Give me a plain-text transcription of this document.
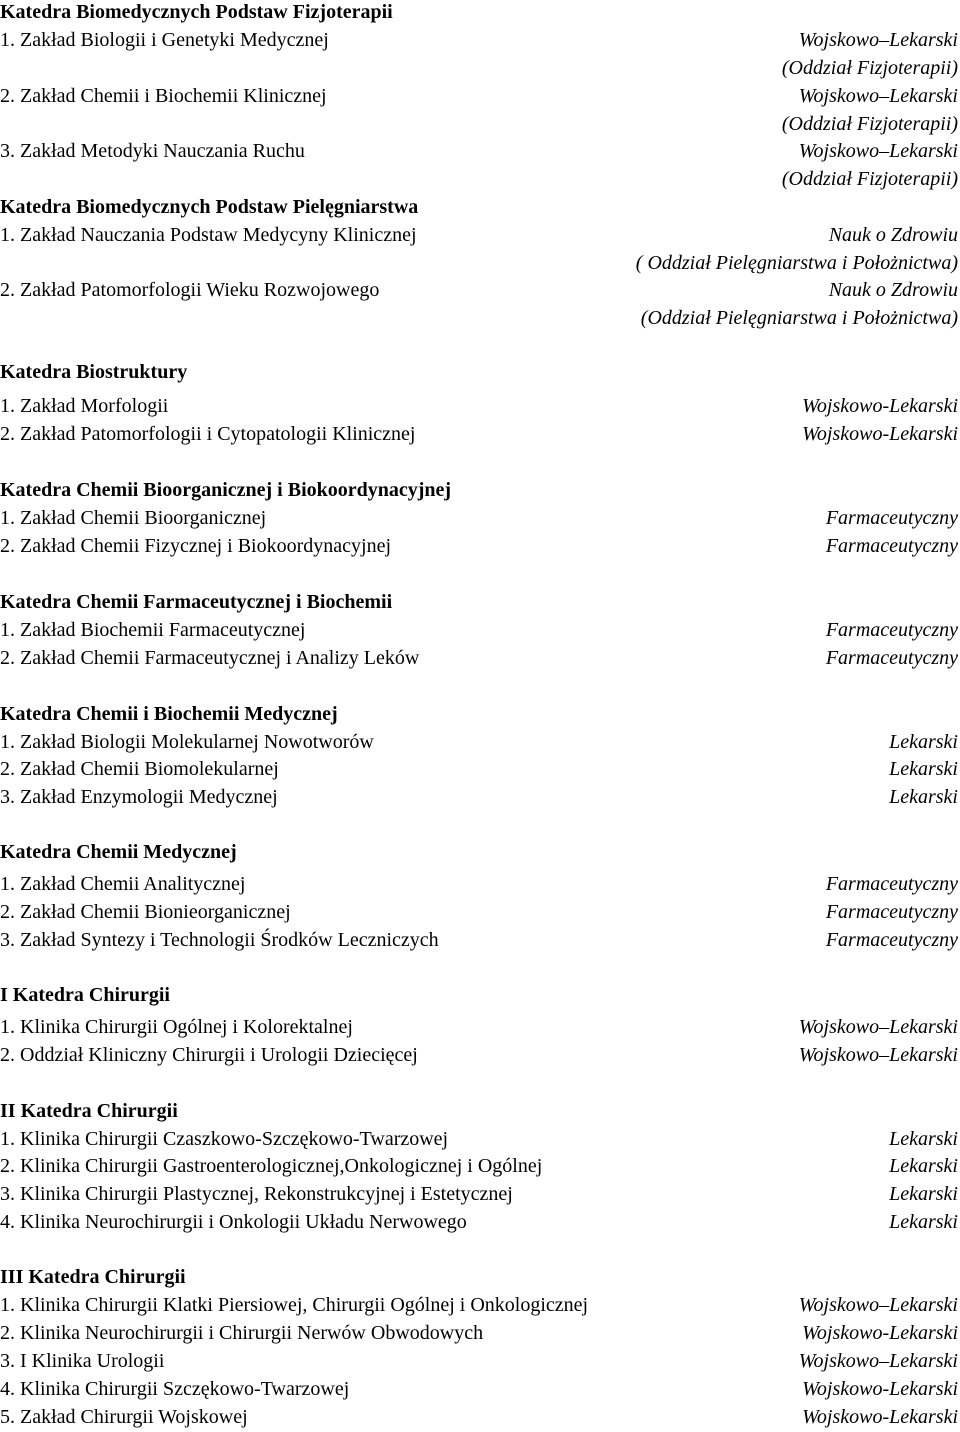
Katedra Biomedycznych Podstaw Fizjoterapii
1. Zakład Biologii i Genetyki Medycznej	Wojskowo–Lekarski
(Oddział Fizjoterapii)
2. Zakład Chemii i Biochemii Klinicznej	Wojskowo–Lekarski
(Oddział Fizjoterapii)
3. Zakład Metodyki Nauczania Ruchu	Wojskowo–Lekarski
(Oddział Fizjoterapii)
Katedra Biomedycznych Podstaw Pielęgniarstwa
1. Zakład Nauczania Podstaw Medycyny Klinicznej	Nauk o Zdrowiu
( Oddział Pielęgniarstwa i Położnictwa)
2. Zakład Patomorfologii Wieku Rozwojowego	Nauk o Zdrowiu
(Oddział Pielęgniarstwa i Położnictwa)
Katedra Biostruktury
1. Zakład Morfologii	Wojskowo-Lekarski
2. Zakład Patomorfologii i Cytopatologii Klinicznej	Wojskowo-Lekarski
Katedra Chemii Bioorganicznej i Biokoordynacyjnej
1. Zakład Chemii Bioorganicznej	Farmaceutyczny
2. Zakład Chemii Fizycznej i Biokoordynacyjnej	Farmaceutyczny
Katedra Chemii Farmaceutycznej i Biochemii
1. Zakład Biochemii Farmaceutycznej	Farmaceutyczny
2. Zakład Chemii Farmaceutycznej i Analizy Leków	Farmaceutyczny
Katedra Chemii i Biochemii Medycznej
1. Zakład Biologii Molekularnej Nowotworów	Lekarski
2. Zakład Chemii Biomolekularnej	Lekarski
3. Zakład Enzymologii Medycznej	Lekarski
Katedra Chemii Medycznej
1. Zakład Chemii Analitycznej	Farmaceutyczny
2. Zakład Chemii Bionieorganicznej	Farmaceutyczny
3. Zakład Syntezy i Technologii Środków Leczniczych	Farmaceutyczny
I Katedra Chirurgii
1. Klinika Chirurgii Ogólnej i Kolorektalnej	Wojskowo–Lekarski
2. Oddział Kliniczny Chirurgii i Urologii Dziecięcej	Wojskowo–Lekarski
II Katedra Chirurgii
1. Klinika Chirurgii Czaszkowo-Szczękowo-Twarzowej	Lekarski
2. Klinika Chirurgii Gastroenterologicznej,Onkologicznej i Ogólnej	Lekarski
3. Klinika Chirurgii Plastycznej, Rekonstrukcyjnej i Estetycznej	Lekarski
4. Klinika Neurochirurgii i Onkologii Układu Nerwowego	Lekarski
III Katedra Chirurgii
1. Klinika Chirurgii Klatki Piersiowej, Chirurgii Ogólnej i Onkologicznej	Wojskowo–Lekarski
2. Klinika Neurochirurgii i Chirurgii Nerwów Obwodowych	Wojskowo-Lekarski
3. I Klinika Urologii	Wojskowo–Lekarski
4. Klinika Chirurgii Szczękowo-Twarzowej	Wojskowo-Lekarski
5. Zakład Chirurgii Wojskowej	Wojskowo-Lekarski
